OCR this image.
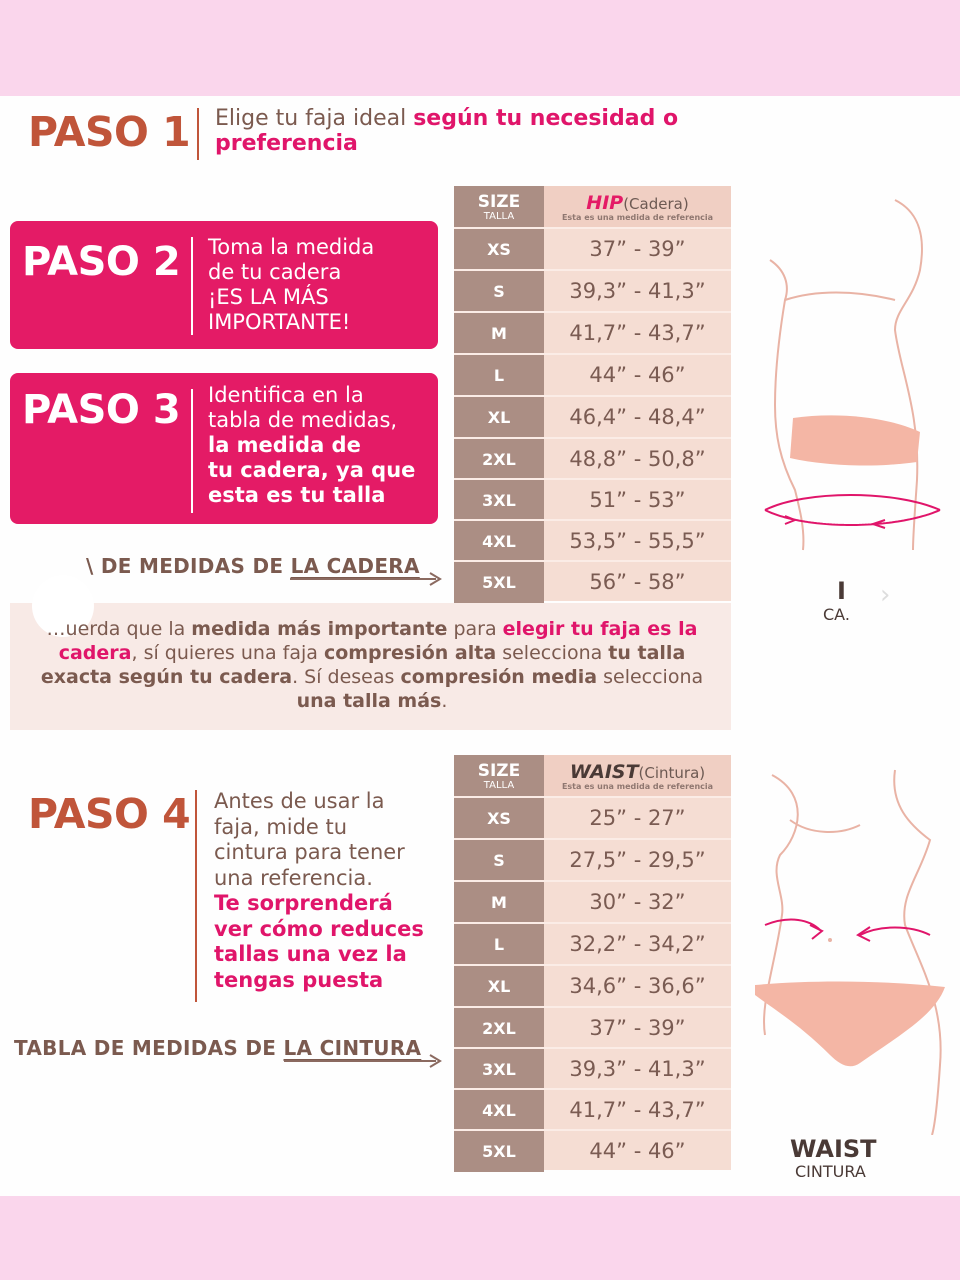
PASO 1 Elige tu faja ideal según tu necesidad o preferencia
PASO 2 Toma la medida
de tu cadera
¡ES LA MÁS
IMPORTANTE!
PASO 3 Identifica en la
tabla de medidas,
la medida de
tu cadera, ya que
esta es tu talla
SIZE
TALLA
HIP(Cadera)
Esta es una medida de referencia
XS	37” - 39”
S	39,3” - 41,3”
M	41,7” - 43,7”
L	44” - 46”
XL	46,4” - 48,4”
2XL	48,8” - 50,8”
3XL	51” - 53”
4XL	53,5” - 55,5”
5XL	56” - 58”
\ DE MEDIDAS DE LA CADERA
…uerda que la medida más importante para elegir tu faja es la cadera, sí quieres una faja compresión alta selecciona tu talla exacta según tu cadera. Sí deseas compresión media selecciona una talla más.
I
CA.
›
PASO 4 Antes de usar la
faja, mide tu
cintura para tener
una referencia.
Te sorprenderá
ver cómo reduces
tallas una vez la
tengas puesta
SIZE
TALLA
WAIST(Cintura)
Esta es una medida de referencia
XS	25” - 27”
S	27,5” - 29,5”
M	30” - 32”
L	32,2” - 34,2”
XL	34,6” - 36,6”
2XL	37” - 39”
3XL	39,3” - 41,3”
4XL	41,7” - 43,7”
5XL	44” - 46”
TABLA DE MEDIDAS DE LA CINTURA
WAIST
CINTURA
